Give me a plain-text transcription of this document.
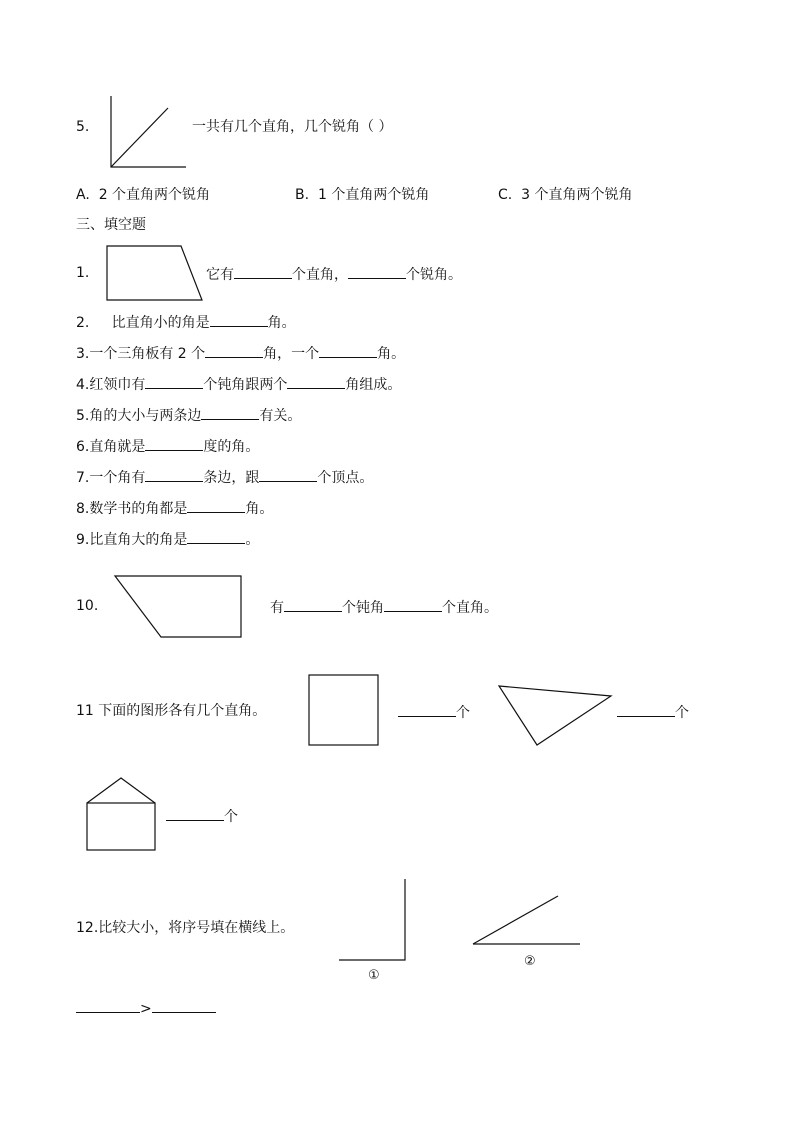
5.	一共有几个直角，几个锐角（ ）
A. 2 个直角两个锐角	B. 1 个直角两个锐角	C. 3 个直角两个锐角
三、填空题
1.	它有	个直角，	个锐角。
2. 比直角小的角是	角。
3.一个三角板有 2 个	角，一个	角。
4.红领巾有	个钝角跟两个	角组成。
5.角的大小与两条边	有关。
6.直角就是	度的角。
7.一个角有	条边，跟	个顶点。
8.数学书的角都是	角。
9.比直角大的角是	。
10.	有	个钝角	个直角。
11 下面的图形各有几个直角。	个	个
个
12.比较大小，将序号填在横线上。
①
②
>
